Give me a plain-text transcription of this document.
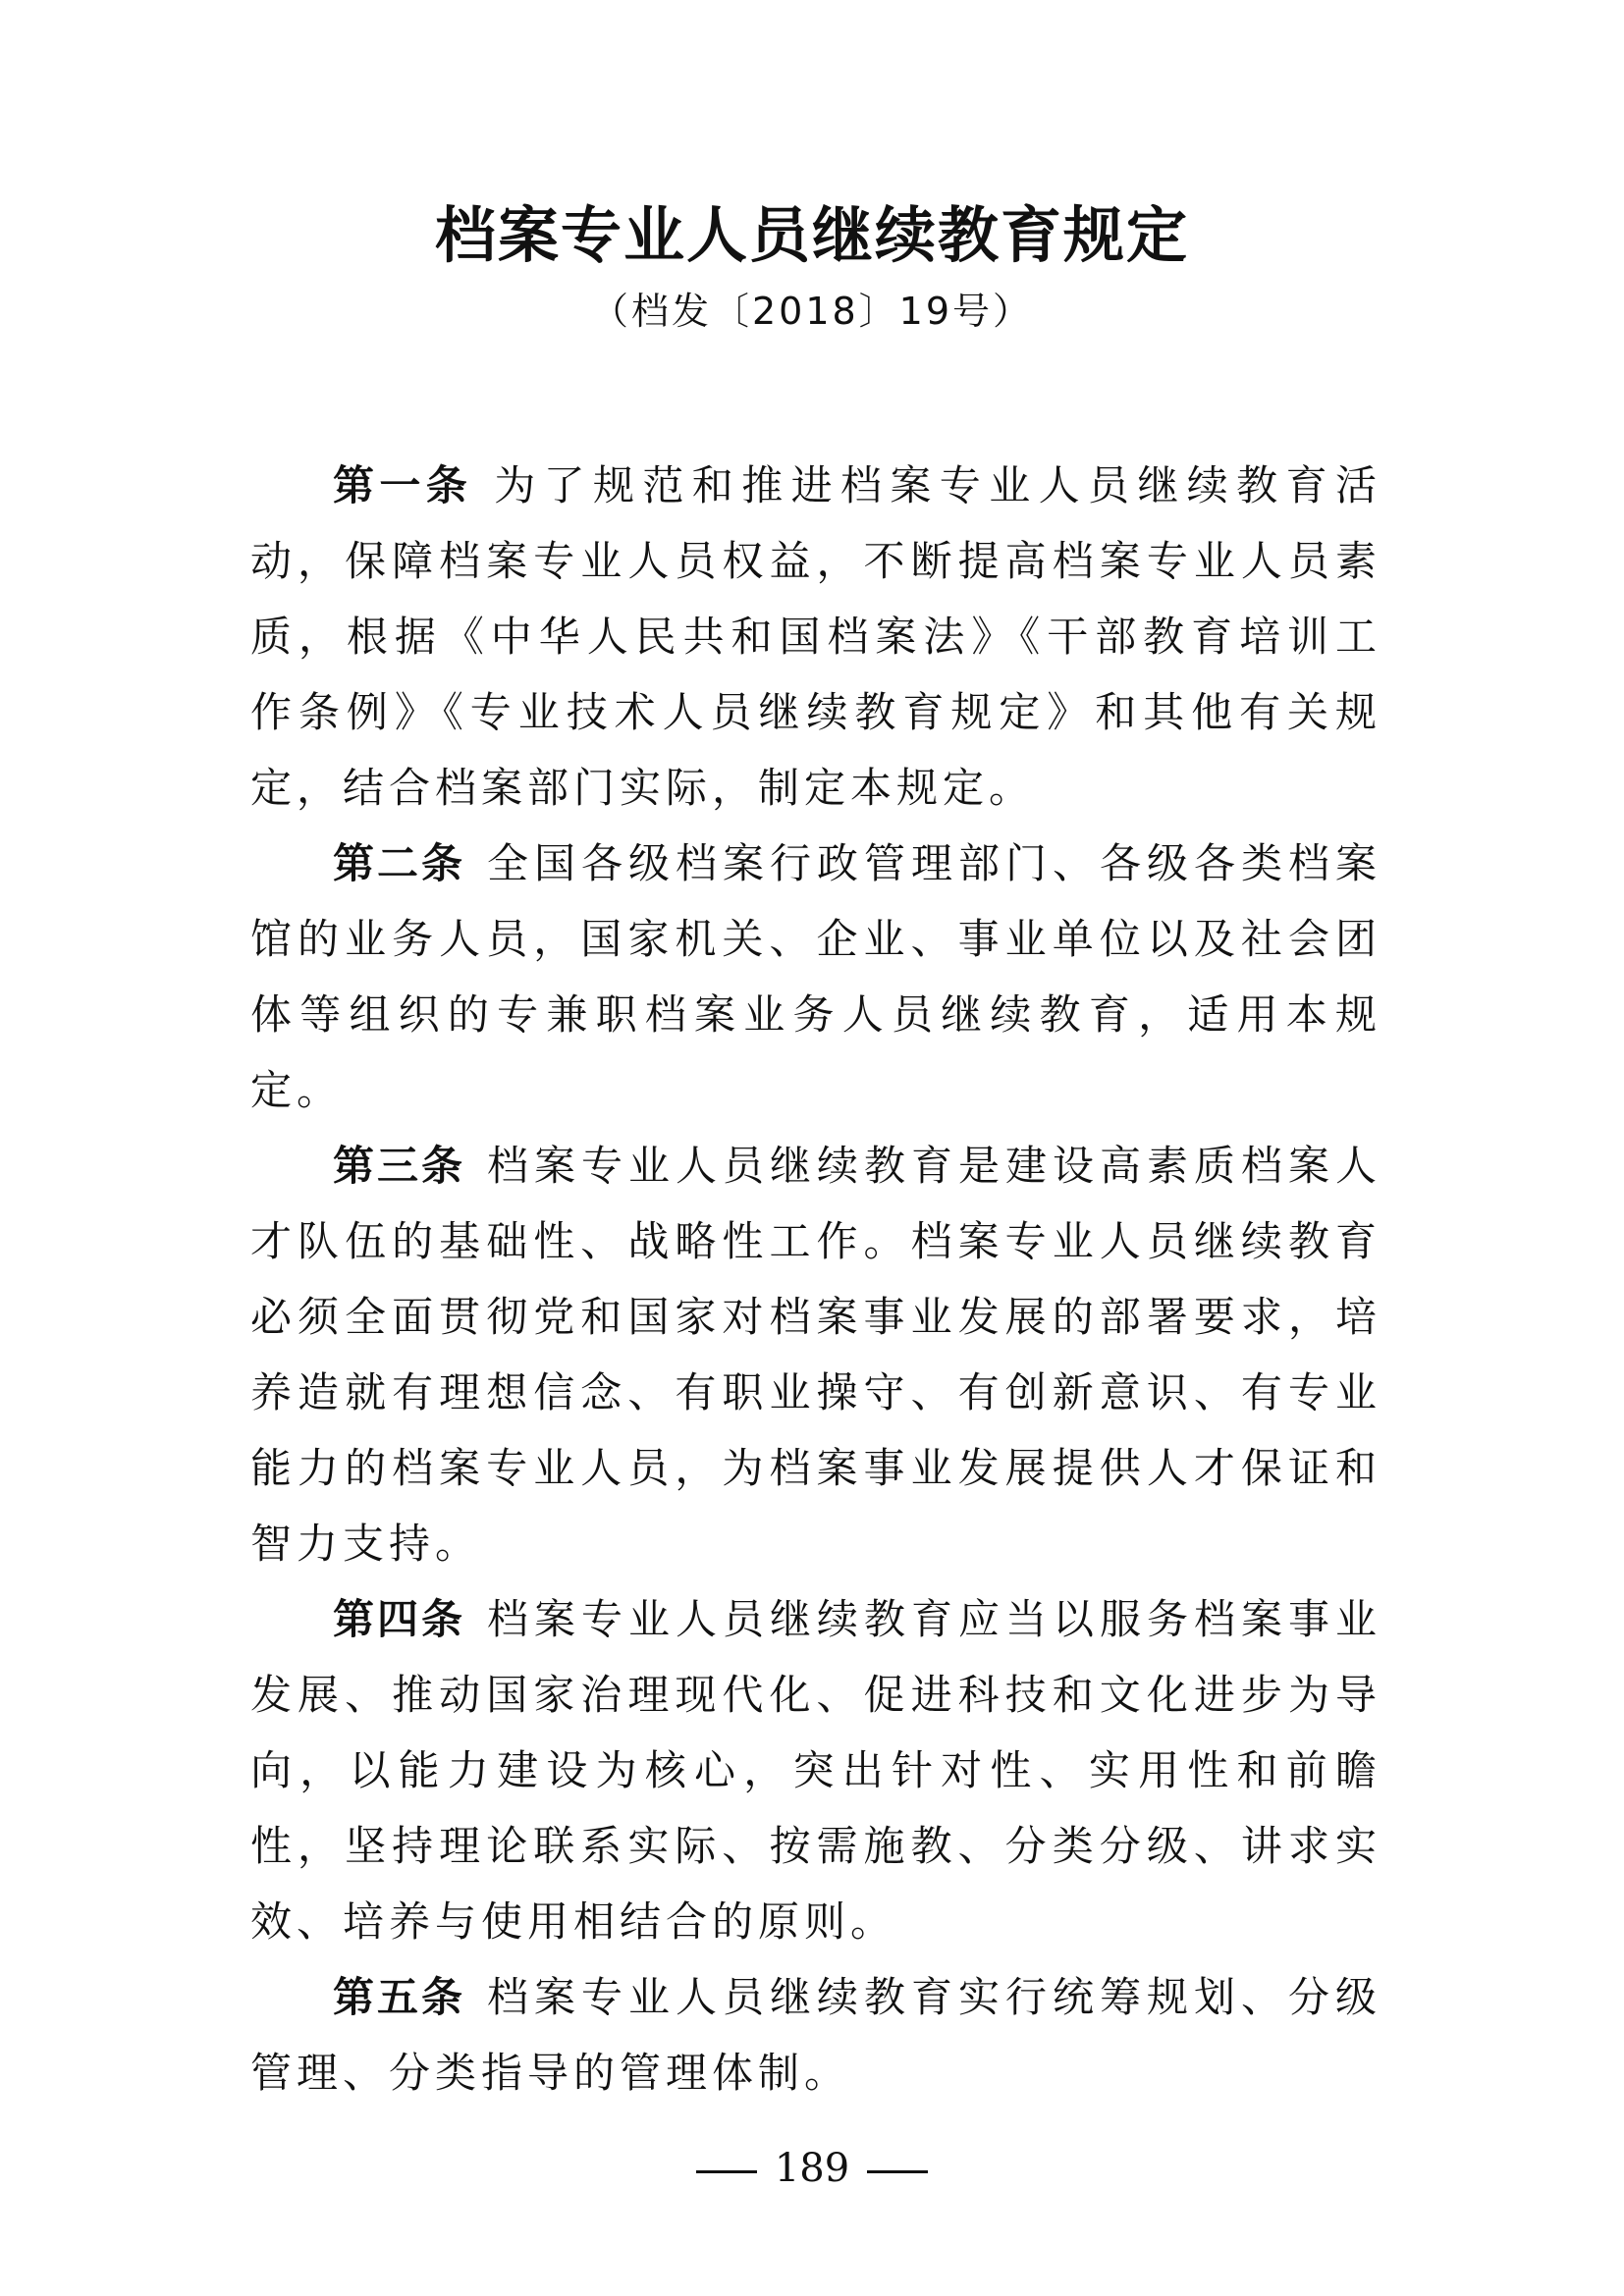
档案专业人员继续教育规定
（档发〔2018〕19号）

第一条 为了规范和推进档案专业人员继续教育活动，保障档案专业人员权益，不断提高档案专业人员素质，根据《中华人民共和国档案法》《干部教育培训工作条例》《专业技术人员继续教育规定》和其他有关规定，结合档案部门实际，制定本规定。

第二条 全国各级档案行政管理部门、各级各类档案馆的业务人员，国家机关、企业、事业单位以及社会团体等组织的专兼职档案业务人员继续教育，适用本规定。

第三条 档案专业人员继续教育是建设高素质档案人才队伍的基础性、战略性工作。档案专业人员继续教育必须全面贯彻党和国家对档案事业发展的部署要求，培养造就有理想信念、有职业操守、有创新意识、有专业能力的档案专业人员，为档案事业发展提供人才保证和智力支持。

第四条 档案专业人员继续教育应当以服务档案事业发展、推动国家治理现代化、促进科技和文化进步为导向，以能力建设为核心，突出针对性、实用性和前瞻性，坚持理论联系实际、按需施教、分类分级、讲求实效、培养与使用相结合的原则。

第五条 档案专业人员继续教育实行统筹规划、分级管理、分类指导的管理体制。

189
